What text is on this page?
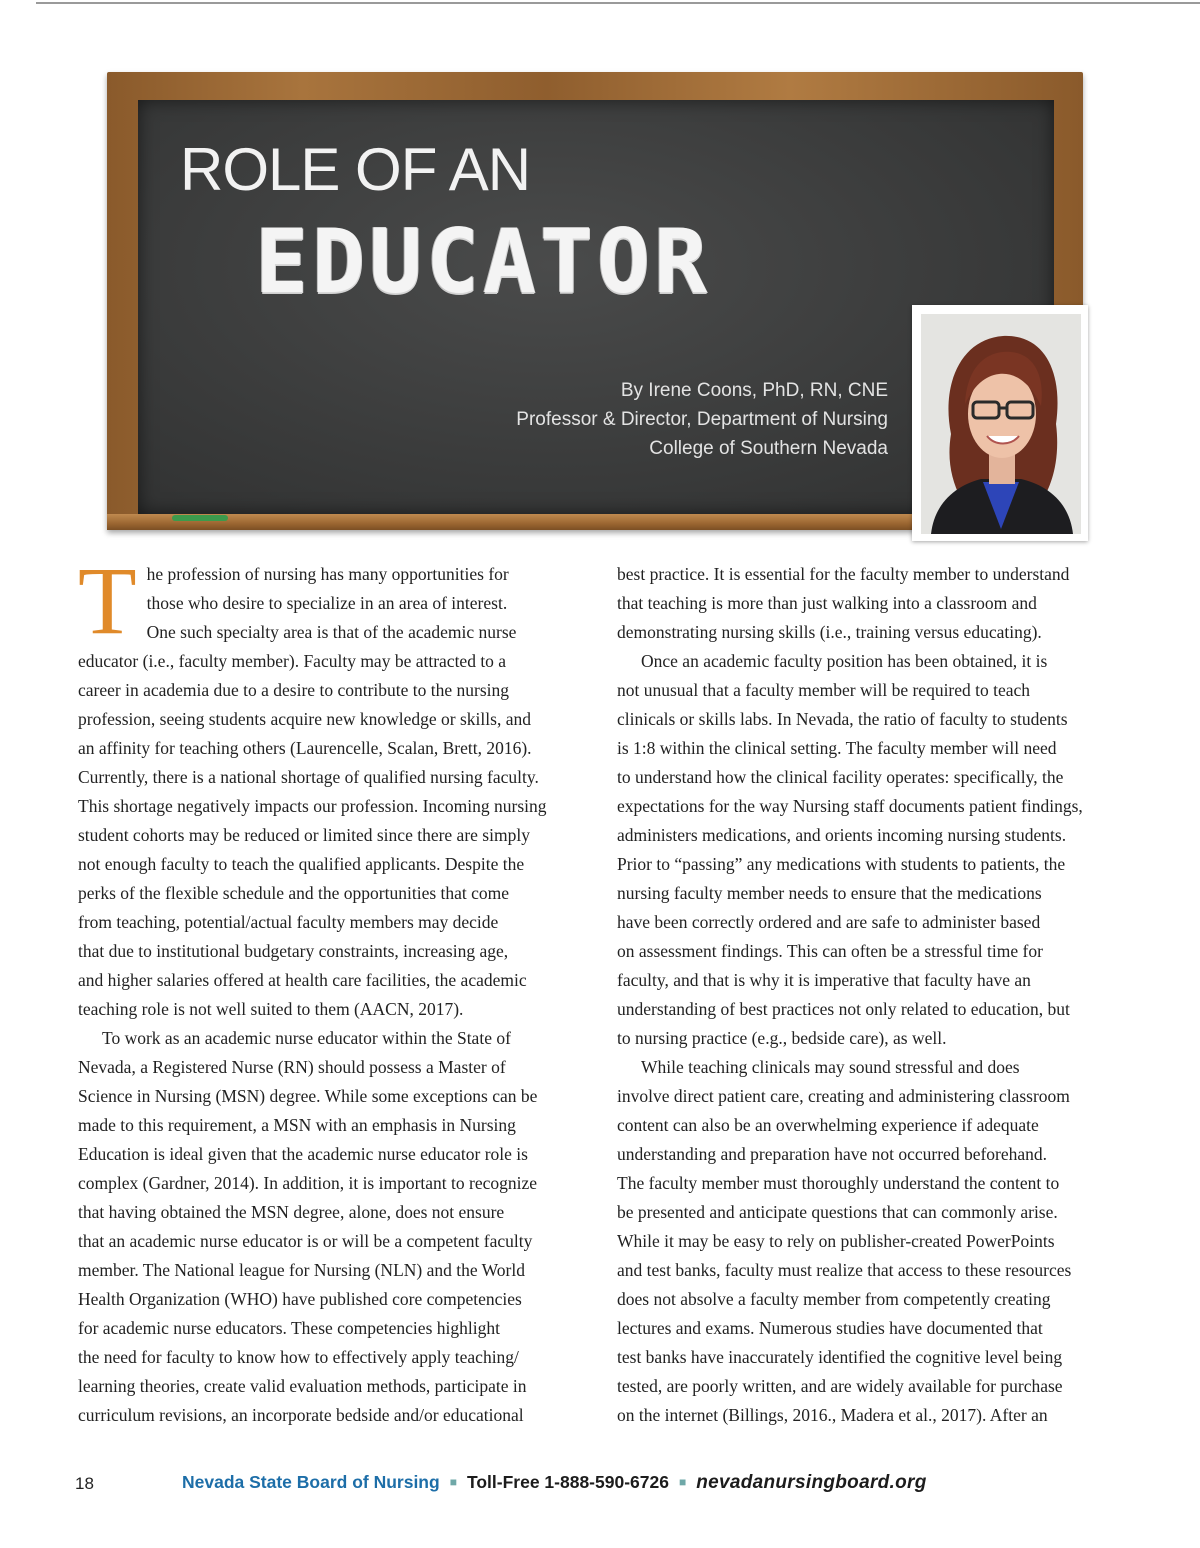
ROLE OF AN
EDUCATOR
By Irene Coons, PhD, RN, CNE
Professor & Director, Department of Nursing
College of Southern Nevada
T he profession of nursing has many opportunities for
those who desire to specialize in an area of interest.
One such specialty area is that of the academic nurse
educator (i.e., faculty member). Faculty may be attracted to a
career in academia due to a desire to contribute to the nursing
profession, seeing students acquire new knowledge or skills, and
an affinity for teaching others (Laurencelle, Scalan, Brett, 2016).
Currently, there is a national shortage of qualified nursing faculty.
This shortage negatively impacts our profession. Incoming nursing
student cohorts may be reduced or limited since there are simply
not enough faculty to teach the qualified applicants. Despite the
perks of the flexible schedule and the opportunities that come
from teaching, potential/actual faculty members may decide
that due to institutional budgetary constraints, increasing age,
and higher salaries offered at health care facilities, the academic
teaching role is not well suited to them (AACN, 2017).
To work as an academic nurse educator within the State of
Nevada, a Registered Nurse (RN) should possess a Master of
Science in Nursing (MSN) degree. While some exceptions can be
made to this requirement, a MSN with an emphasis in Nursing
Education is ideal given that the academic nurse educator role is
complex (Gardner, 2014). In addition, it is important to recognize
that having obtained the MSN degree, alone, does not ensure
that an academic nurse educator is or will be a competent faculty
member. The National league for Nursing (NLN) and the World
Health Organization (WHO) have published core competencies
for academic nurse educators. These competencies highlight
the need for faculty to know how to effectively apply teaching/
learning theories, create valid evaluation methods, participate in
curriculum revisions, an incorporate bedside and/or educational
best practice. It is essential for the faculty member to understand
that teaching is more than just walking into a classroom and
demonstrating nursing skills (i.e., training versus educating).
Once an academic faculty position has been obtained, it is
not unusual that a faculty member will be required to teach
clinicals or skills labs. In Nevada, the ratio of faculty to students
is 1:8 within the clinical setting. The faculty member will need
to understand how the clinical facility operates: specifically, the
expectations for the way Nursing staff documents patient findings,
administers medications, and orients incoming nursing students.
Prior to “passing” any medications with students to patients, the
nursing faculty member needs to ensure that the medications
have been correctly ordered and are safe to administer based
on assessment findings. This can often be a stressful time for
faculty, and that is why it is imperative that faculty have an
understanding of best practices not only related to education, but
to nursing practice (e.g., bedside care), as well.
While teaching clinicals may sound stressful and does
involve direct patient care, creating and administering classroom
content can also be an overwhelming experience if adequate
understanding and preparation have not occurred beforehand.
The faculty member must thoroughly understand the content to
be presented and anticipate questions that can commonly arise.
While it may be easy to rely on publisher-created PowerPoints
and test banks, faculty must realize that access to these resources
does not absolve a faculty member from competently creating
lectures and exams. Numerous studies have documented that
test banks have inaccurately identified the cognitive level being
tested, are poorly written, and are widely available for purchase
on the internet (Billings, 2016., Madera et al., 2017). After an
18	Nevada State Board of Nursing ■ Toll-Free 1-888-590-6726 ■ nevadanursingboard.org
